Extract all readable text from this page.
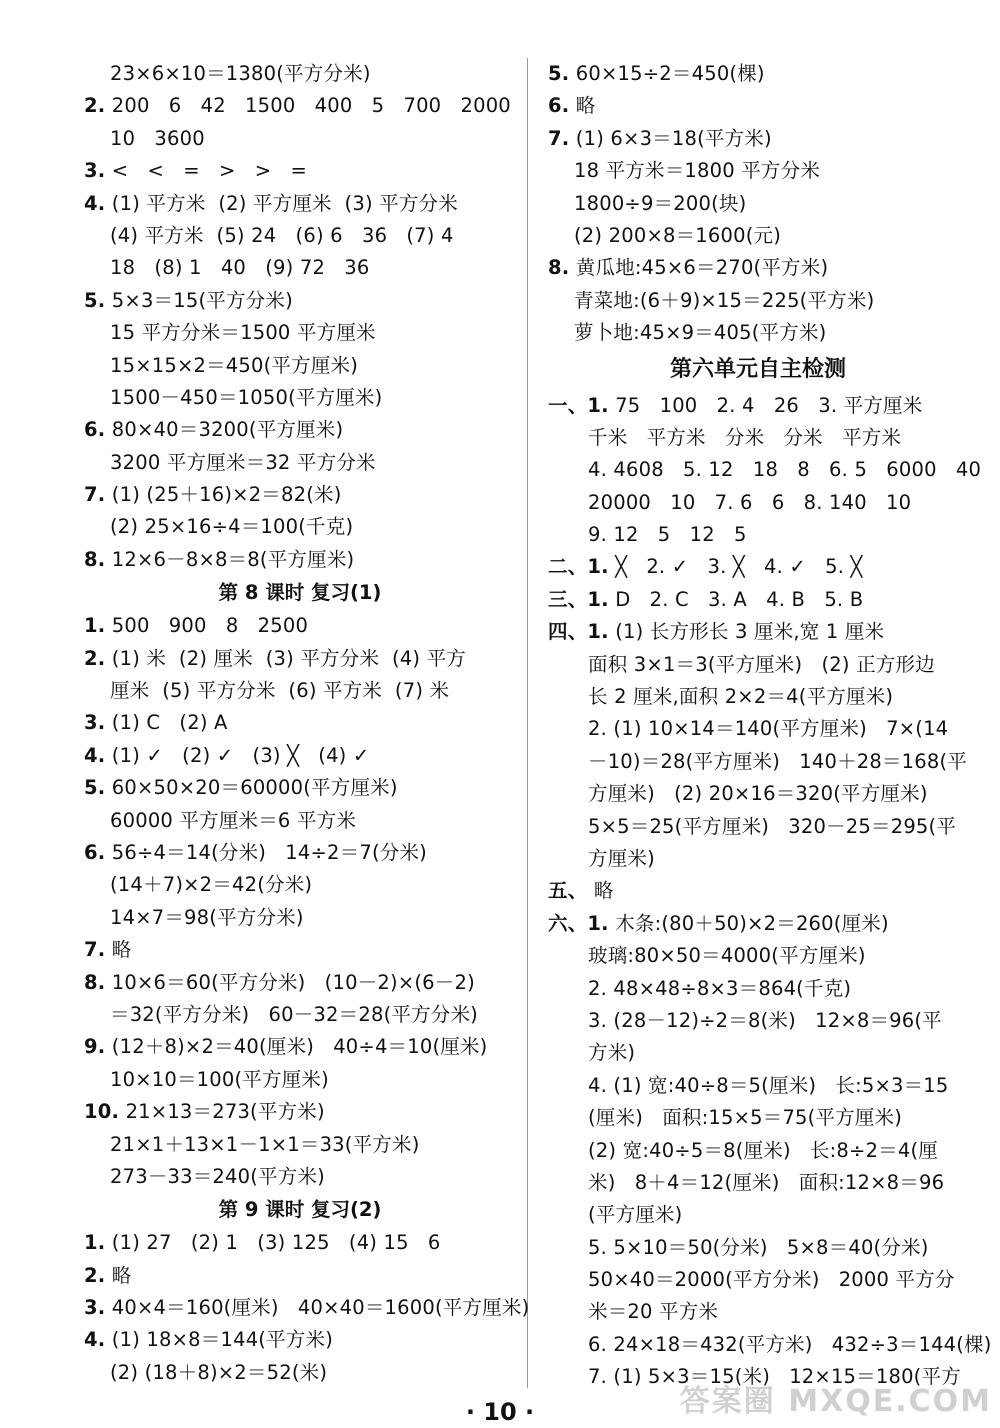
23×6×10＝1380(平方分米)
2. 200   6   42   1500   400   5   700   2000
10   3600
3. <   <   =   >   >   =
4. (1) 平方米  (2) 平方厘米  (3) 平方分米
(4) 平方米  (5) 24   (6) 6   36   (7) 4
18   (8) 1   40   (9) 72   36
5. 5×3＝15(平方分米)
15 平方分米＝1500 平方厘米
15×15×2＝450(平方厘米)
1500－450＝1050(平方厘米)
6. 80×40＝3200(平方厘米)
3200 平方厘米＝32 平方分米
7. (1) (25＋16)×2＝82(米)
(2) 25×16÷4＝100(千克)
8. 12×6－8×8＝8(平方厘米)
第 8 课时 复习(1)
1. 500   900   8   2500
2. (1) 米  (2) 厘米  (3) 平方分米  (4) 平方
厘米  (5) 平方分米  (6) 平方米  (7) 米
3. (1) C   (2) A
4. (1) ✓   (2) ✓   (3) ╳   (4) ✓
5. 60×50×20＝60000(平方厘米)
60000 平方厘米＝6 平方米
6. 56÷4＝14(分米)   14÷2＝7(分米)
(14＋7)×2＝42(分米)
14×7＝98(平方分米)
7. 略
8. 10×6＝60(平方分米)   (10－2)×(6－2)
＝32(平方分米)   60－32＝28(平方分米)
9. (12＋8)×2＝40(厘米)   40÷4＝10(厘米)
10×10＝100(平方厘米)
10. 21×13＝273(平方米)
21×1＋13×1－1×1＝33(平方米)
273－33＝240(平方米)
第 9 课时 复习(2)
1. (1) 27   (2) 1   (3) 125   (4) 15   6
2. 略
3. 40×4＝160(厘米)   40×40＝1600(平方厘米)
4. (1) 18×8＝144(平方米)
(2) (18＋8)×2＝52(米)
5. 60×15÷2＝450(棵)
6. 略
7. (1) 6×3＝18(平方米)
18 平方米＝1800 平方分米
1800÷9＝200(块)
(2) 200×8＝1600(元)
8. 黄瓜地:45×6＝270(平方米)
青菜地:(6＋9)×15＝225(平方米)
萝卜地:45×9＝405(平方米)
第六单元自主检测
一、1. 75   100   2. 4   26   3. 平方厘米
千米   平方米   分米   分米   平方米
4. 4608   5. 12   18   8   6. 5   6000   40
20000   10   7. 6   6   8. 140   10
9. 12   5   12   5
二、1. ╳   2. ✓   3. ╳   4. ✓   5. ╳
三、1. D   2. C   3. A   4. B   5. B
四、1. (1) 长方形长 3 厘米,宽 1 厘米
面积 3×1＝3(平方厘米)   (2) 正方形边
长 2 厘米,面积 2×2＝4(平方厘米)
2. (1) 10×14＝140(平方厘米)   7×(14
－10)＝28(平方厘米)   140＋28＝168(平
方厘米)   (2) 20×16＝320(平方厘米)
5×5＝25(平方厘米)   320－25＝295(平
方厘米)
五、 略
六、1. 木条:(80＋50)×2＝260(厘米)
玻璃:80×50＝4000(平方厘米)
2. 48×48÷8×3＝864(千克)
3. (28－12)÷2＝8(米)   12×8＝96(平
方米)
4. (1) 宽:40÷8＝5(厘米)   长:5×3＝15
(厘米)   面积:15×5＝75(平方厘米)
(2) 宽:40÷5＝8(厘米)   长:8÷2＝4(厘
米)   8＋4＝12(厘米)   面积:12×8＝96
(平方厘米)
5. 5×10＝50(分米)   5×8＝40(分米)
50×40＝2000(平方分米)   2000 平方分
米＝20 平方米
6. 24×18＝432(平方米)   432÷3＝144(棵)
7. (1) 5×3＝15(米)   12×15＝180(平方
· 10 ·	答案圈 MXQE.COM
